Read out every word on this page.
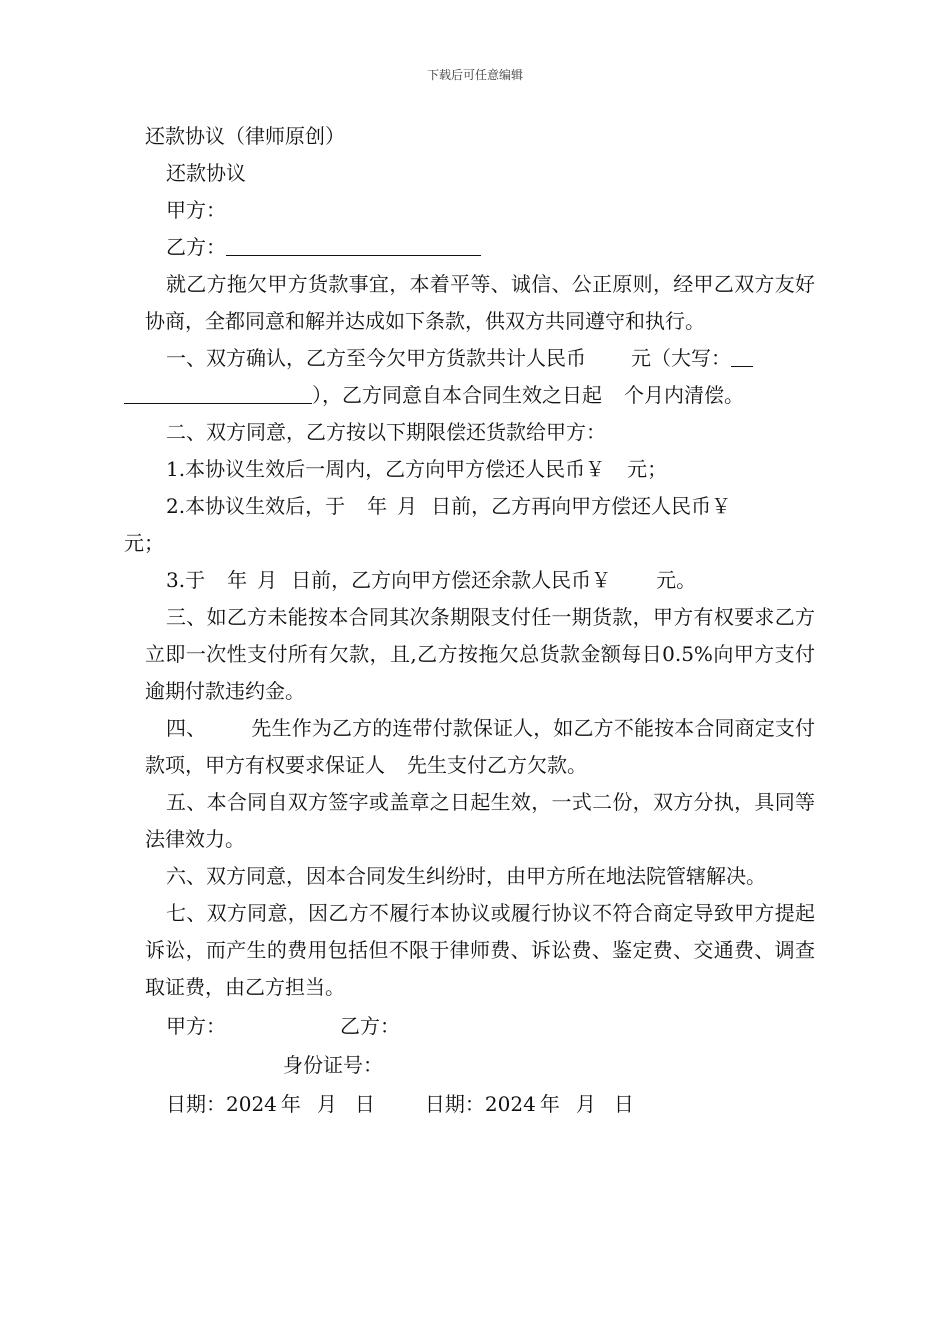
下载后可任意编辑
还款协议（律师原创）
还款协议
甲方：
乙方：

就乙方拖欠甲方货款事宜，本着平等、诚信、公正原则，经甲乙双方友好协商，全都同意和解并达成如下条款，供双方共同遵守和执行。

一、双方确认，乙方至今欠甲方货款共计人民币 元（大写：
），乙方同意自本合同生效之日起 个月内清偿。

二、双方同意，乙方按以下期限偿还货款给甲方：
1.本协议生效后一周内，乙方向甲方偿还人民币￥ 元；

2.本协议生效后，于 年 月 日前，乙方再向甲方偿还人民币￥
元；

3.于 年 月 日前，乙方向甲方偿还余款人民币￥ 元。

三、如乙方未能按本合同其次条期限支付任一期货款，甲方有权要求乙方立即一次性支付所有欠款，且,乙方按拖欠总货款金额每日0.5%向甲方支付逾期付款违约金。

四、 先生作为乙方的连带付款保证人，如乙方不能按本合同商定支付款项，甲方有权要求保证人 先生支付乙方欠款。

五、本合同自双方签字或盖章之日起生效，一式二份，双方分执，具同等法律效力。

六、双方同意，因本合同发生纠纷时，由甲方所在地法院管辖解决。

七、双方同意，因乙方不履行本协议或履行协议不符合商定导致甲方提起诉讼，而产生的费用包括但不限于律师费、诉讼费、鉴定费、交通费、调查取证费，由乙方担当。

甲方：	乙方：
身份证号：
日期：2024 年 月 日	日期：2024 年 月 日
